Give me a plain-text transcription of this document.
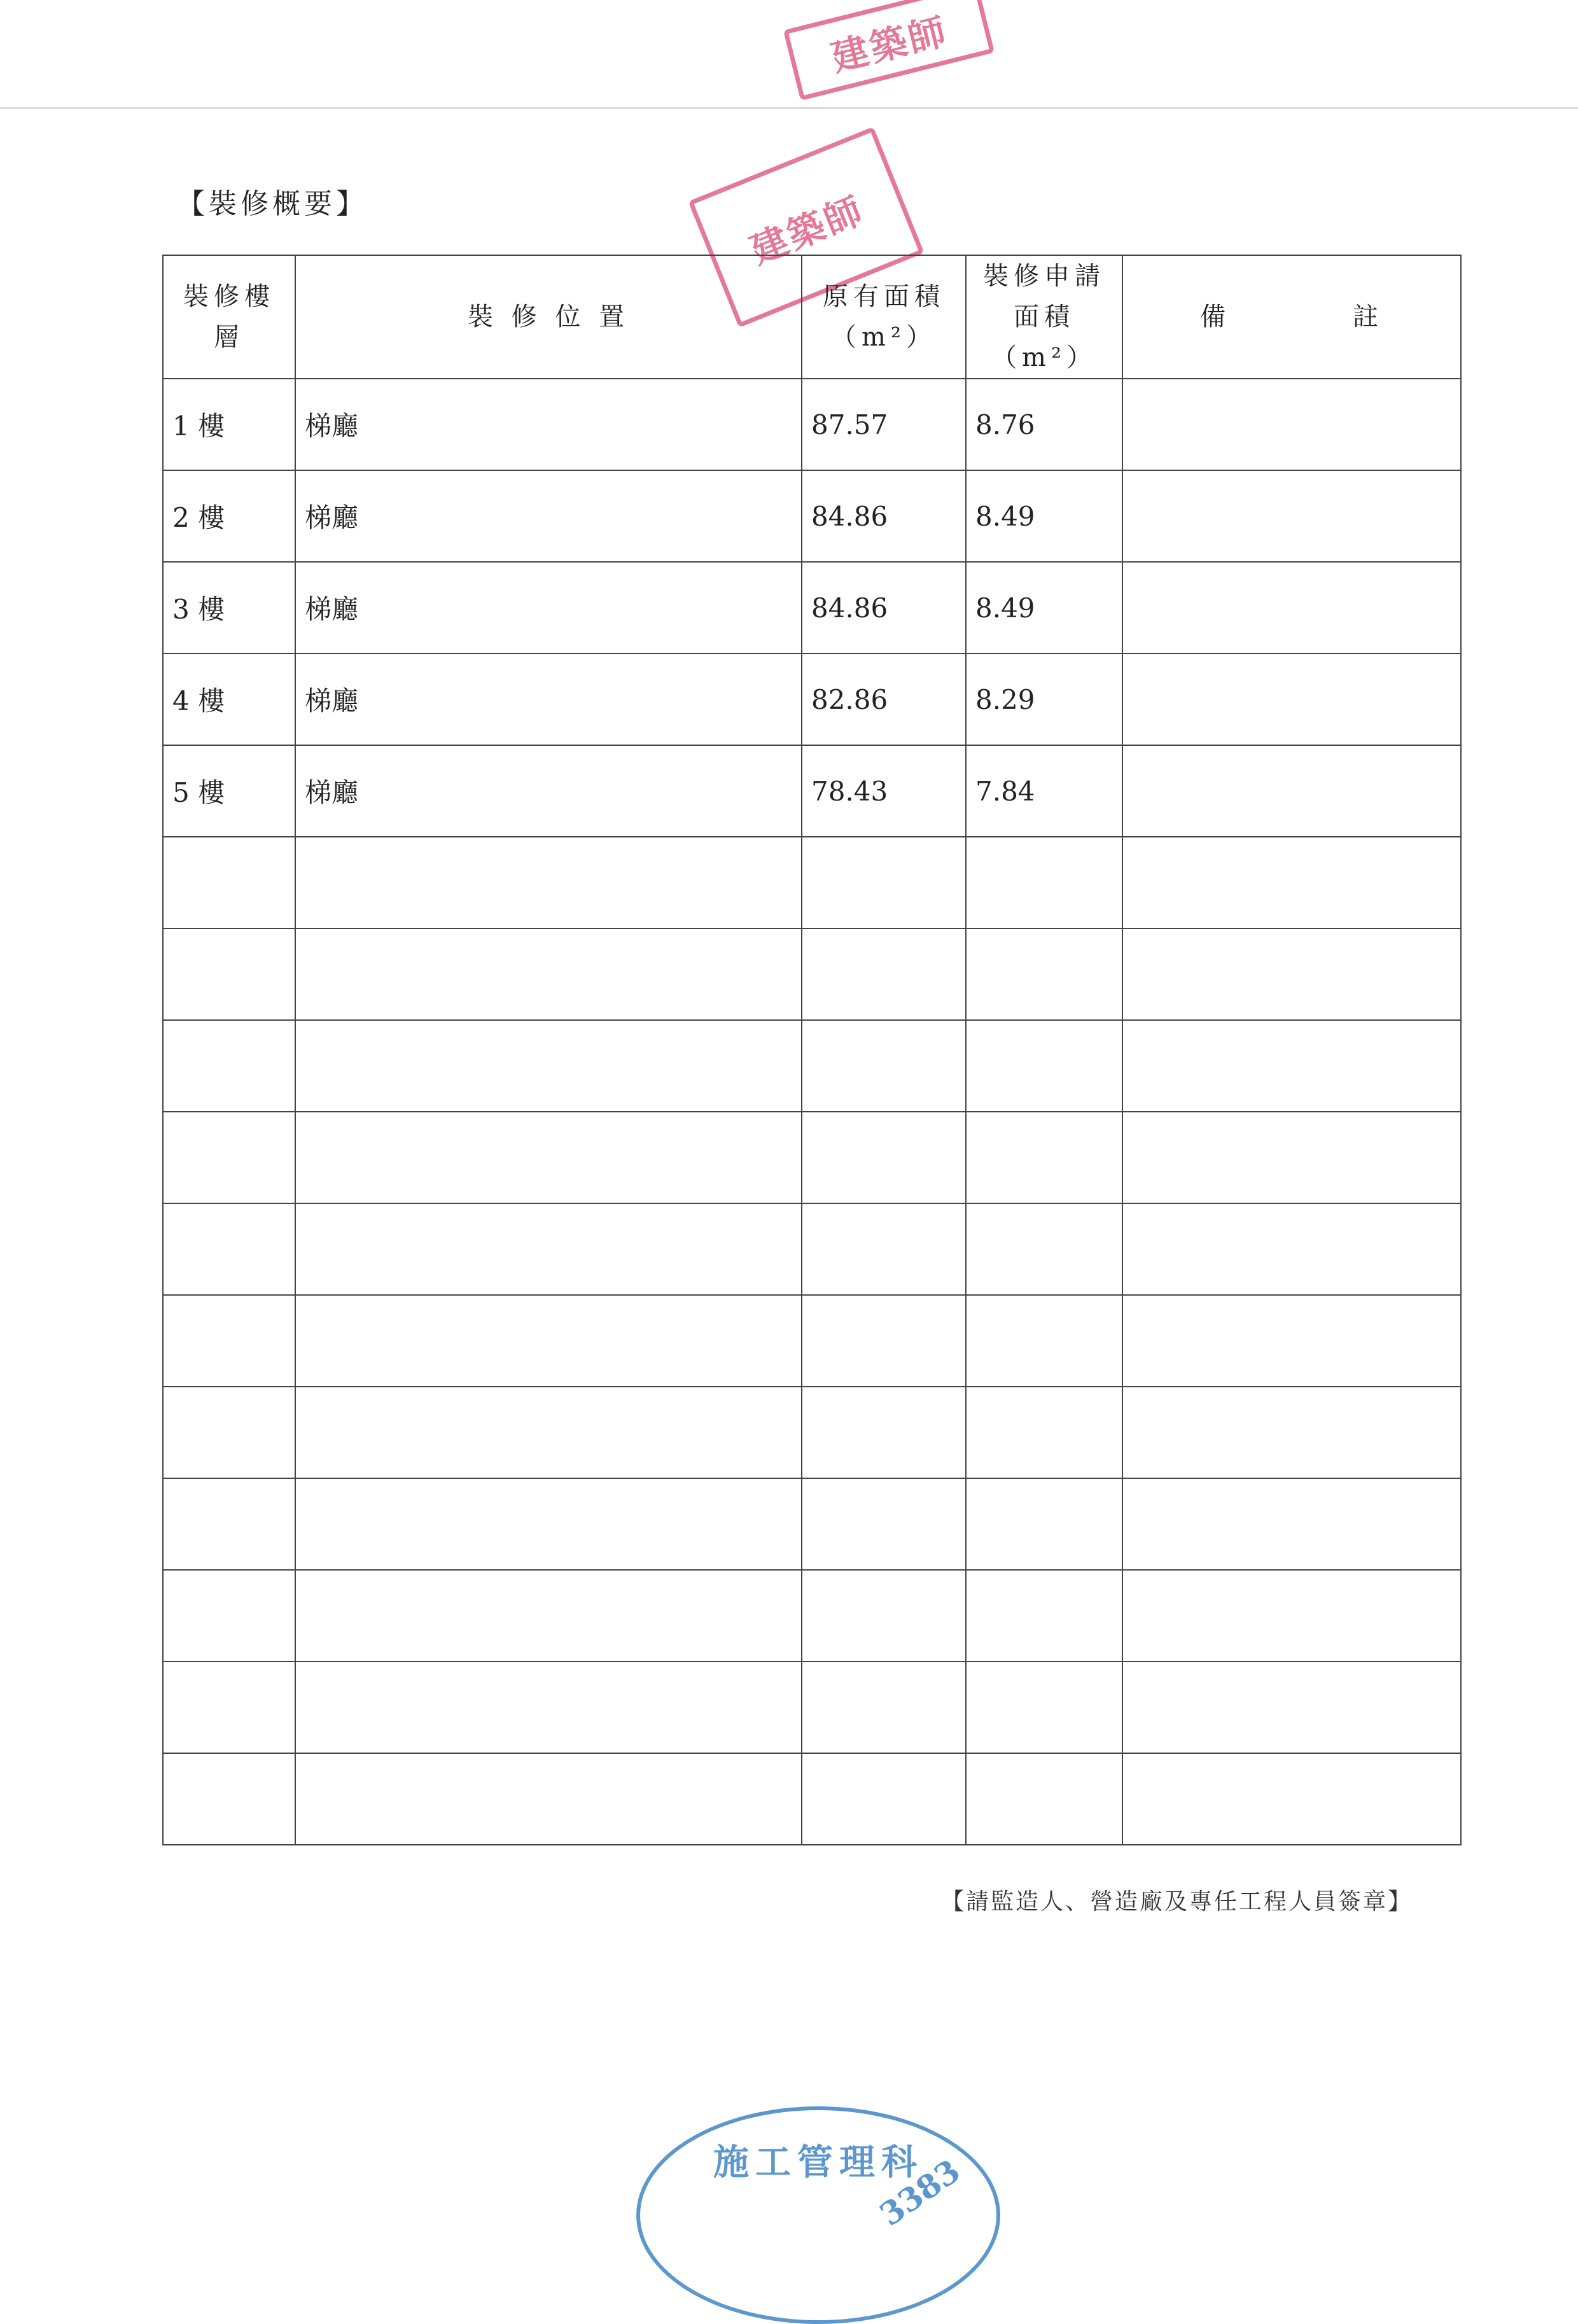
建築師
建築師
【裝修概要】
裝修樓層	裝 修 位 置	原有面積（m²）	裝修申請面積（m²）	備　　　　註
1 樓	梯廳	87.57	8.76	
2 樓	梯廳	84.86	8.49	
3 樓	梯廳	84.86	8.49	
4 樓	梯廳	82.86	8.29	
5 樓	梯廳	78.43	7.84	

【請監造人、營造廠及專任工程人員簽章】
施工管理科
3383
